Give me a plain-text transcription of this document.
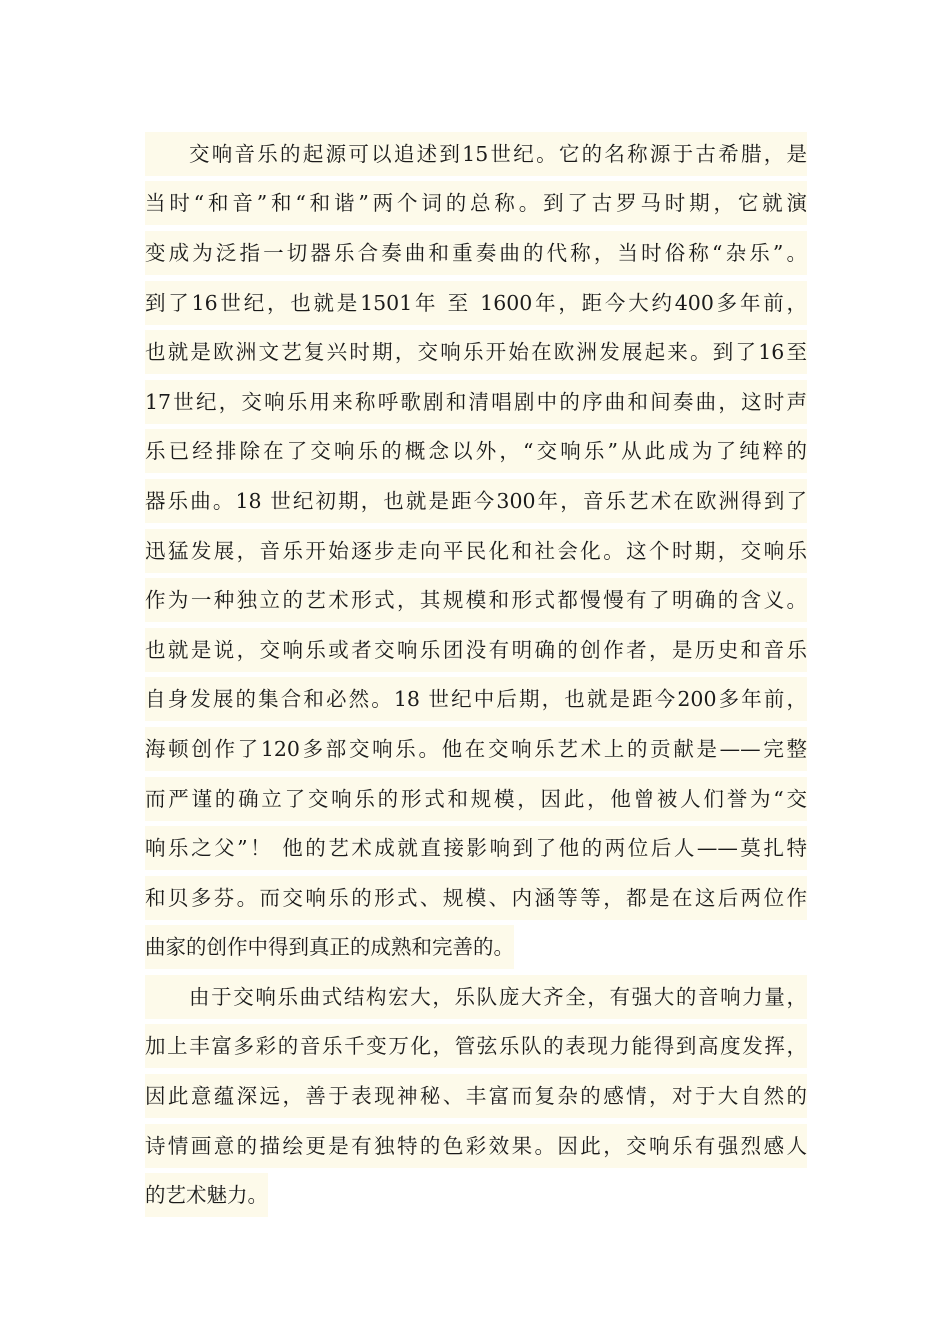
交响音乐的起源可以追述到15世纪。它的名称源于古希腊，是
当时“和音”和“和谐”两个词的总称。到了古罗马时期，它就演
变成为泛指一切器乐合奏曲和重奏曲的代称，当时俗称“杂乐”。
到了16世纪，也就是1501年 至 1600年，距今大约400多年前，
也就是欧洲文艺复兴时期，交响乐开始在欧洲发展起来。到了16至
17世纪，交响乐用来称呼歌剧和清唱剧中的序曲和间奏曲，这时声
乐已经排除在了交响乐的概念以外，“交响乐”从此成为了纯粹的
器乐曲。18 世纪初期，也就是距今300年，音乐艺术在欧洲得到了
迅猛发展，音乐开始逐步走向平民化和社会化。这个时期，交响乐
作为一种独立的艺术形式，其规模和形式都慢慢有了明确的含义。
也就是说，交响乐或者交响乐团没有明确的创作者，是历史和音乐
自身发展的集合和必然。18 世纪中后期，也就是距今200多年前，
海顿创作了120多部交响乐。他在交响乐艺术上的贡献是——完整
而严谨的确立了交响乐的形式和规模，因此，他曾被人们誉为“交
响乐之父”！ 他的艺术成就直接影响到了他的两位后人——莫扎特
和贝多芬。而交响乐的形式、规模、内涵等等，都是在这后两位作
曲家的创作中得到真正的成熟和完善的。
由于交响乐曲式结构宏大，乐队庞大齐全，有强大的音响力量，
加上丰富多彩的音乐千变万化，管弦乐队的表现力能得到高度发挥，
因此意蕴深远，善于表现神秘、丰富而复杂的感情，对于大自然的
诗情画意的描绘更是有独特的色彩效果。因此，交响乐有强烈感人
的艺术魅力。
